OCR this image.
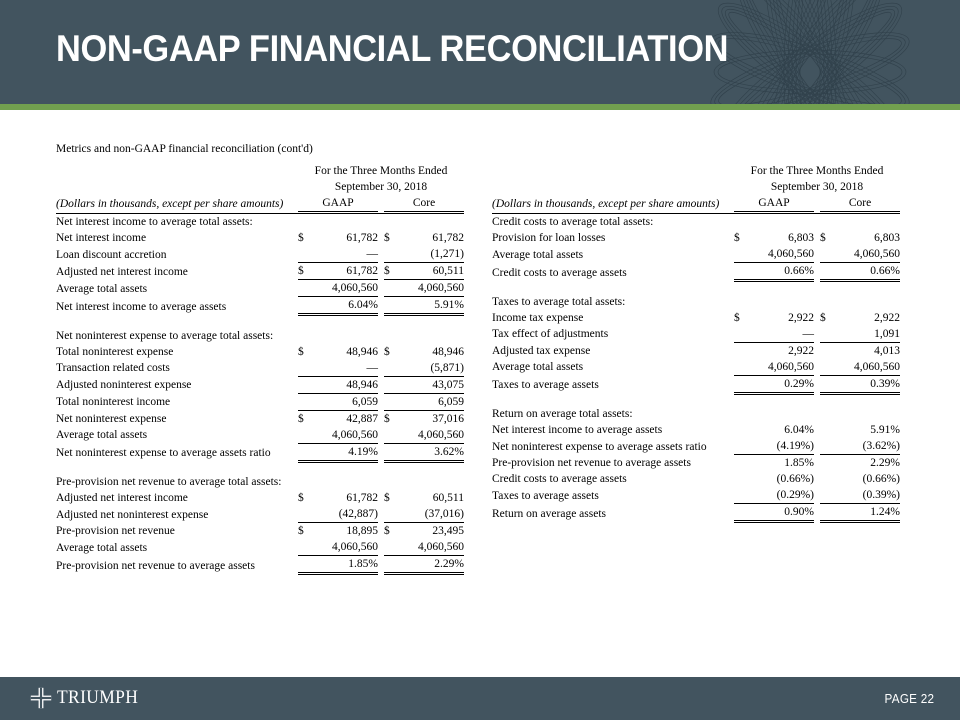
NON-GAAP FINANCIAL RECONCILIATION
Metrics and non-GAAP financial reconciliation (cont'd)
	For the Three Months Ended				
	September 30, 2018				
(Dollars in thousands, except per share amounts)	GAAP			Core	

Net interest income to average total assets:					
Net interest income	$	61,782		$	61,782
Loan discount accretion		—			(1,271)
Adjusted net interest income	$	61,782		$	60,511
Average total assets		4,060,560			4,060,560
Net interest income to average assets		6.04%			5.91%

Net noninterest expense to average total assets:					
Total noninterest expense	$	48,946		$	48,946
Transaction related costs		—			(5,871)
Adjusted noninterest expense		48,946			43,075
Total noninterest income		6,059			6,059
Net noninterest expense	$	42,887		$	37,016
Average total assets		4,060,560			4,060,560
Net noninterest expense to average assets ratio		4.19%			3.62%

Pre-provision net revenue to average total assets:					
Adjusted net interest income	$	61,782		$	60,511
Adjusted net noninterest expense		(42,887)			(37,016)
Pre-provision net revenue	$	18,895		$	23,495
Average total assets		4,060,560			4,060,560
Pre-provision net revenue to average assets		1.85%			2.29%
	For the Three Months Ended				
	September 30, 2018				
(Dollars in thousands, except per share amounts)	GAAP			Core	

Credit costs to average total assets:					
Provision for loan losses	$	6,803		$	6,803
Average total assets		4,060,560			4,060,560
Credit costs to average assets		0.66%			0.66%

Taxes to average total assets:					
Income tax expense	$	2,922		$	2,922
Tax effect of adjustments		—			1,091
Adjusted tax expense		2,922			4,013
Average total assets		4,060,560			4,060,560
Taxes to average assets		0.29%			0.39%

Return on average total assets:					
Net interest income to average assets		6.04%			5.91%
Net noninterest expense to average assets ratio		(4.19%)			(3.62%)
Pre-provision net revenue to average assets		1.85%			2.29%
Credit costs to average assets		(0.66%)			(0.66%)
Taxes to average assets		(0.29%)			(0.39%)
Return on average assets		0.90%			1.24%
TRIUMPH	PAGE 22
